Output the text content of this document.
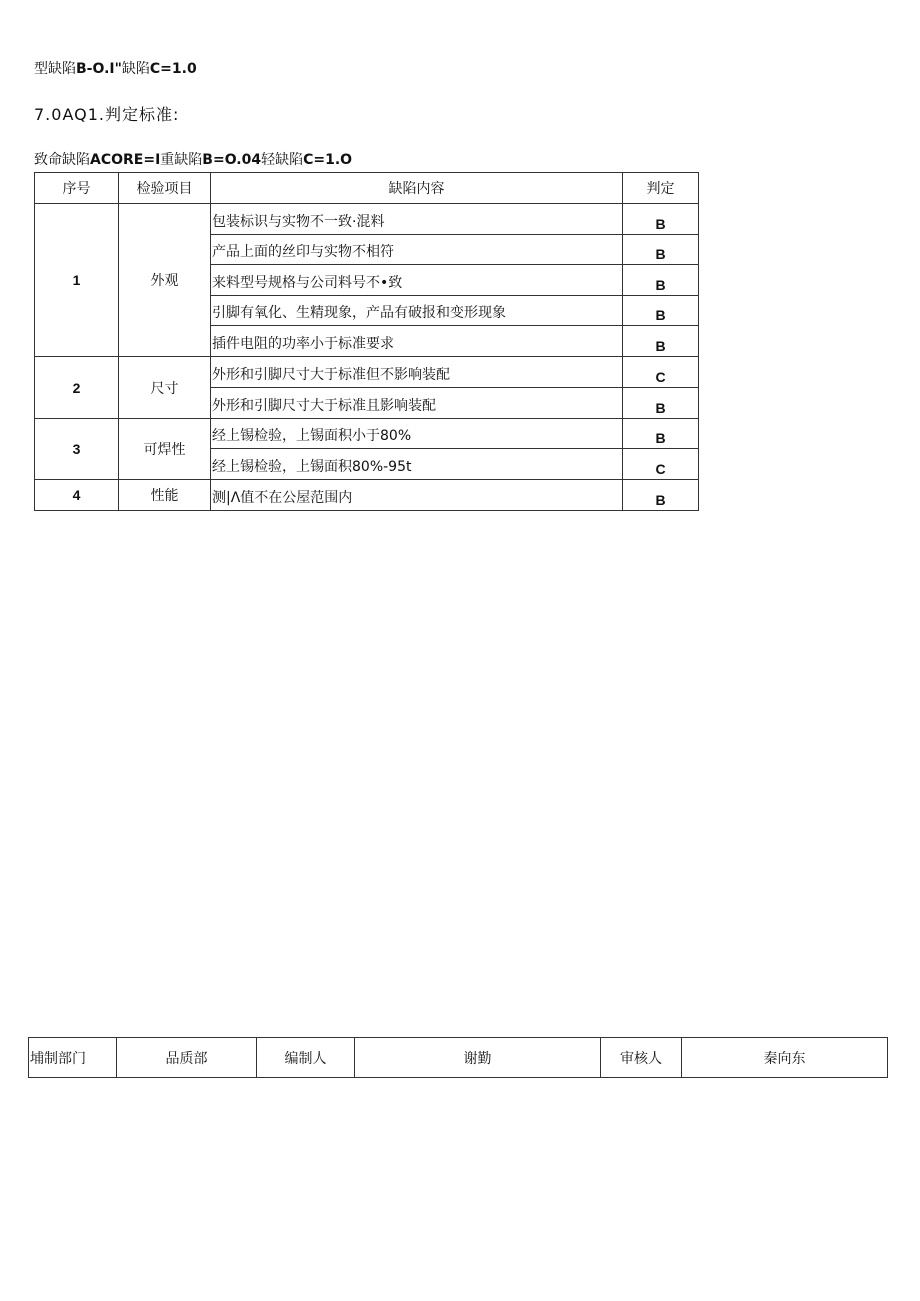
型缺陷B-O.I"缺陷C=1.0
7.0AQ1.判定标准:
致命缺陷ACORE=I重缺陷B=O.04轻缺陷C=1.O
序号	检验项目	缺陷内容	判定
1	外观	包装标识与实物不一致·混料	B
		产品上面的丝印与实物不相符	B
		来料型号规格与公司料号不•致	B
		引脚有氧化、生精现象，产品有破报和变形现象	B
		插件电阻的功率小于标准要求	B
2	尺寸	外形和引脚尺寸大于标准但不影响装配	C
		外形和引脚尺寸大于标准且影响装配	B
3	可焊性	经上锡检验，上锡面积小于80%	B
		经上锡检验，上锡面积80%-95t	C
4	性能	测|Λ值不在公屋范围内	B
埔制部门	品质部	编制人	谢勤	审核人	秦向东
